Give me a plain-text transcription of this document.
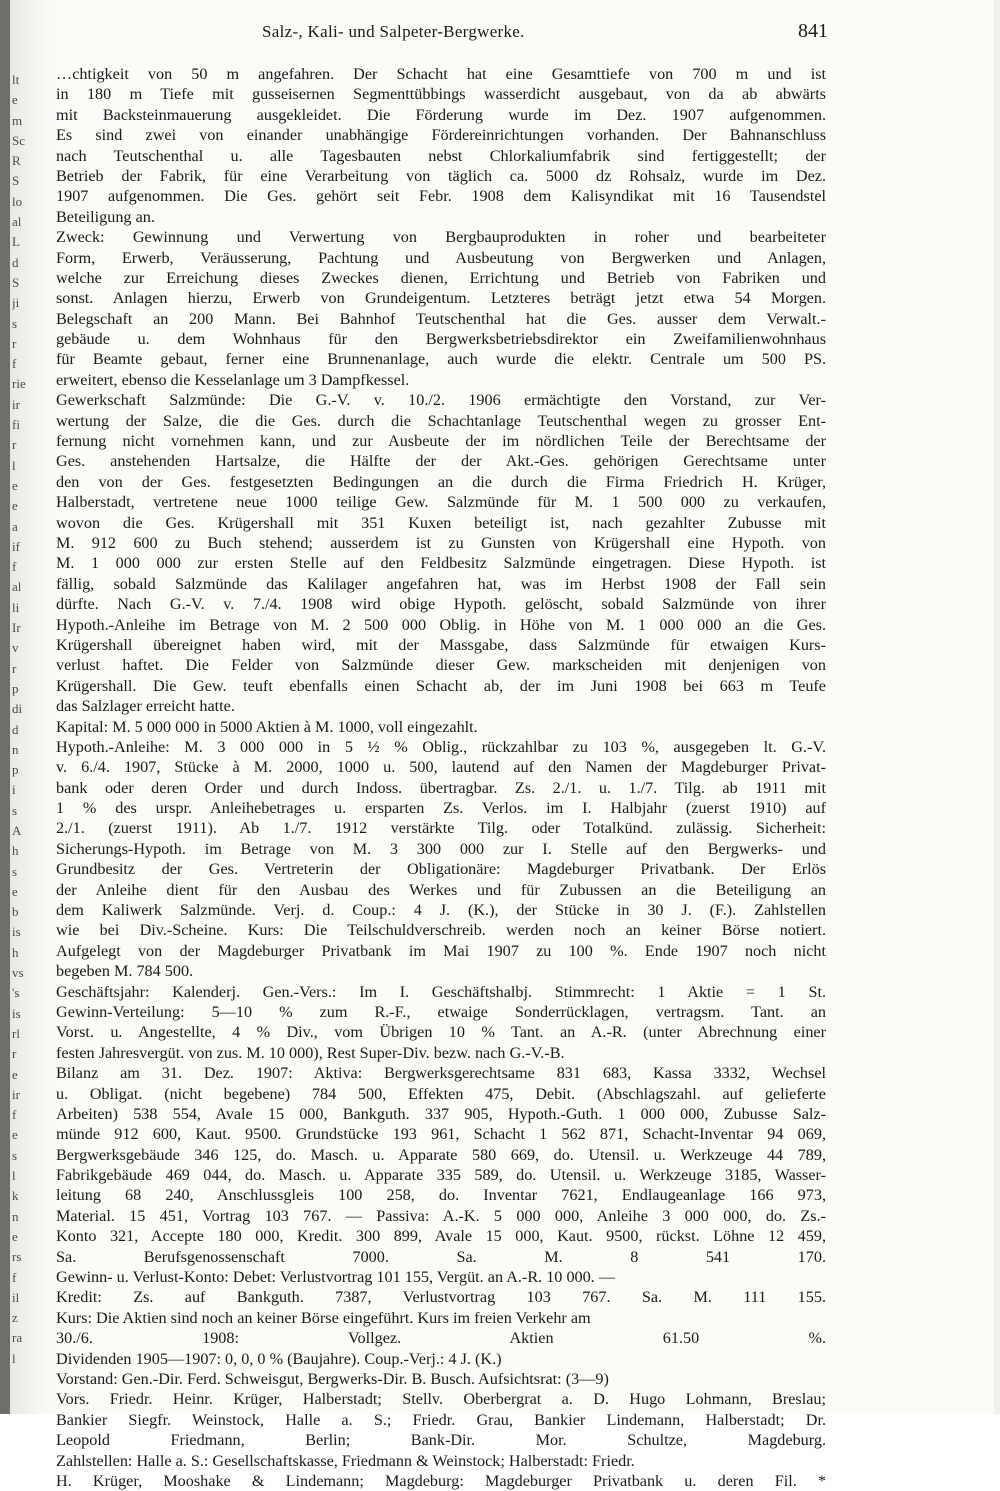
lt
e
m
Sc
R
S
lo
al
L
d
S
ji
s
r
f
rie
ir
fi
r
l
e
e
a
if
f
al
li
Ir
v
r
p
di
d
n
p
i
s
A
h
s
e
b
is
h
vs
's
is
rl
r
e
ir
f
e
s
l
k
n
e
rs
f
il
z
ra
l
Salz-, Kali- und Salpeter-Bergwerke.	841
…chtigkeit von 50 m angefahren. Der Schacht hat eine Gesamttiefe von 700 m und ist
in 180 m Tiefe mit gusseisernen Segmenttübbings wasserdicht ausgebaut, von da ab abwärts
mit Backsteinmauerung ausgekleidet. Die Förderung wurde im Dez. 1907 aufgenommen.
Es sind zwei von einander unabhängige Fördereinrichtungen vorhanden. Der Bahnanschluss
nach Teutschenthal u. alle Tagesbauten nebst Chlorkaliumfabrik sind fertiggestellt; der
Betrieb der Fabrik, für eine Verarbeitung von täglich ca. 5000 dz Rohsalz, wurde im Dez.
1907 aufgenommen. Die Ges. gehört seit Febr. 1908 dem Kalisyndikat mit 16 Tausendstel
Beteiligung an.
Zweck: Gewinnung und Verwertung von Bergbauprodukten in roher und bearbeiteter
Form, Erwerb, Veräusserung, Pachtung und Ausbeutung von Bergwerken und Anlagen,
welche zur Erreichung dieses Zweckes dienen, Errichtung und Betrieb von Fabriken und
sonst. Anlagen hierzu, Erwerb von Grundeigentum. Letzteres beträgt jetzt etwa 54 Morgen.
Belegschaft an 200 Mann. Bei Bahnhof Teutschenthal hat die Ges. ausser dem Verwalt.-
gebäude u. dem Wohnhaus für den Bergwerksbetriebsdirektor ein Zweifamilienwohnhaus
für Beamte gebaut, ferner eine Brunnenanlage, auch wurde die elektr. Centrale um 500 PS.
erweitert, ebenso die Kesselanlage um 3 Dampfkessel.
Gewerkschaft Salzmünde: Die G.-V. v. 10./2. 1906 ermächtigte den Vorstand, zur Ver-
wertung der Salze, die die Ges. durch die Schachtanlage Teutschenthal wegen zu grosser Ent-
fernung nicht vornehmen kann, und zur Ausbeute der im nördlichen Teile der Berechtsame der
Ges. anstehenden Hartsalze, die Hälfte der der Akt.-Ges. gehörigen Gerechtsame unter
den von der Ges. festgesetzten Bedingungen an die durch die Firma Friedrich H. Krüger,
Halberstadt, vertretene neue 1000 teilige Gew. Salzmünde für M. 1 500 000 zu verkaufen,
wovon die Ges. Krügershall mit 351 Kuxen beteiligt ist, nach gezahlter Zubusse mit
M. 912 600 zu Buch stehend; ausserdem ist zu Gunsten von Krügershall eine Hypoth. von
M. 1 000 000 zur ersten Stelle auf den Feldbesitz Salzmünde eingetragen. Diese Hypoth. ist
fällig, sobald Salzmünde das Kalilager angefahren hat, was im Herbst 1908 der Fall sein
dürfte. Nach G.-V. v. 7./4. 1908 wird obige Hypoth. gelöscht, sobald Salzmünde von ihrer
Hypoth.-Anleihe im Betrage von M. 2 500 000 Oblig. in Höhe von M. 1 000 000 an die Ges.
Krügershall übereignet haben wird, mit der Massgabe, dass Salzmünde für etwaigen Kurs-
verlust haftet. Die Felder von Salzmünde dieser Gew. markscheiden mit denjenigen von
Krügershall. Die Gew. teuft ebenfalls einen Schacht ab, der im Juni 1908 bei 663 m Teufe
das Salzlager erreicht hatte.
Kapital: M. 5 000 000 in 5000 Aktien à M. 1000, voll eingezahlt.
Hypoth.-Anleihe: M. 3 000 000 in 5 ½ % Oblig., rückzahlbar zu 103 %, ausgegeben lt. G.-V.
v. 6./4. 1907, Stücke à M. 2000, 1000 u. 500, lautend auf den Namen der Magdeburger Privat-
bank oder deren Order und durch Indoss. übertragbar. Zs. 2./1. u. 1./7. Tilg. ab 1911 mit
1 % des urspr. Anleihebetrages u. ersparten Zs. Verlos. im I. Halbjahr (zuerst 1910) auf
2./1. (zuerst 1911). Ab 1./7. 1912 verstärkte Tilg. oder Totalkünd. zulässig. Sicherheit:
Sicherungs-Hypoth. im Betrage von M. 3 300 000 zur I. Stelle auf den Bergwerks- und
Grundbesitz der Ges. Vertreterin der Obligationäre: Magdeburger Privatbank. Der Erlös
der Anleihe dient für den Ausbau des Werkes und für Zubussen an die Beteiligung an
dem Kaliwerk Salzmünde. Verj. d. Coup.: 4 J. (K.), der Stücke in 30 J. (F.). Zahlstellen
wie bei Div.-Scheine. Kurs: Die Teilschuldverschreib. werden noch an keiner Börse notiert.
Aufgelegt von der Magdeburger Privatbank im Mai 1907 zu 100 %. Ende 1907 noch nicht
begeben M. 784 500.
Geschäftsjahr: Kalenderj. Gen.-Vers.: Im I. Geschäftshalbj. Stimmrecht: 1 Aktie = 1 St.
Gewinn-Verteilung: 5—10 % zum R.-F., etwaige Sonderrücklagen, vertragsm. Tant. an
Vorst. u. Angestellte, 4 % Div., vom Übrigen 10 % Tant. an A.-R. (unter Abrechnung einer
festen Jahresvergüt. von zus. M. 10 000), Rest Super-Div. bezw. nach G.-V.-B.
Bilanz am 31. Dez. 1907: Aktiva: Bergwerksgerechtsame 831 683, Kassa 3332, Wechsel
u. Obligat. (nicht begebene) 784 500, Effekten 475, Debit. (Abschlagszahl. auf gelieferte
Arbeiten) 538 554, Avale 15 000, Bankguth. 337 905, Hypoth.-Guth. 1 000 000, Zubusse Salz-
münde 912 600, Kaut. 9500. Grundstücke 193 961, Schacht 1 562 871, Schacht-Inventar 94 069,
Bergwerksgebäude 346 125, do. Masch. u. Apparate 580 669, do. Utensil. u. Werkzeuge 44 789,
Fabrikgebäude 469 044, do. Masch. u. Apparate 335 589, do. Utensil. u. Werkzeuge 3185, Wasser-
leitung 68 240, Anschlussgleis 100 258, do. Inventar 7621, Endlaugeanlage 166 973,
Material. 15 451, Vortrag 103 767. — Passiva: A.-K. 5 000 000, Anleihe 3 000 000, do. Zs.-
Konto 321, Accepte 180 000, Kredit. 300 899, Avale 15 000, Kaut. 9500, rückst. Löhne 12 459,
Sa. Berufsgenossenschaft 7000. Sa. M. 8 541 170.
Gewinn- u. Verlust-Konto: Debet: Verlustvortrag 101 155, Vergüt. an A.-R. 10 000. —
Kredit: Zs. auf Bankguth. 7387, Verlustvortrag 103 767. Sa. M. 111 155.
Kurs: Die Aktien sind noch an keiner Börse eingeführt. Kurs im freien Verkehr am
30./6. 1908: Vollgez. Aktien 61.50 %.
Dividenden 1905—1907: 0, 0, 0 % (Baujahre). Coup.-Verj.: 4 J. (K.)
Vorstand: Gen.-Dir. Ferd. Schweisgut, Bergwerks-Dir. B. Busch. Aufsichtsrat: (3—9)
Vors. Friedr. Heinr. Krüger, Halberstadt; Stellv. Oberbergrat a. D. Hugo Lohmann, Breslau;
Bankier Siegfr. Weinstock, Halle a. S.; Friedr. Grau, Bankier Lindemann, Halberstadt; Dr.
Leopold Friedmann, Berlin; Bank-Dir. Mor. Schultze, Magdeburg.
Zahlstellen: Halle a. S.: Gesellschaftskasse, Friedmann & Weinstock; Halberstadt: Friedr.
H. Krüger, Mooshake & Lindemann; Magdeburg: Magdeburger Privatbank u. deren Fil. *
